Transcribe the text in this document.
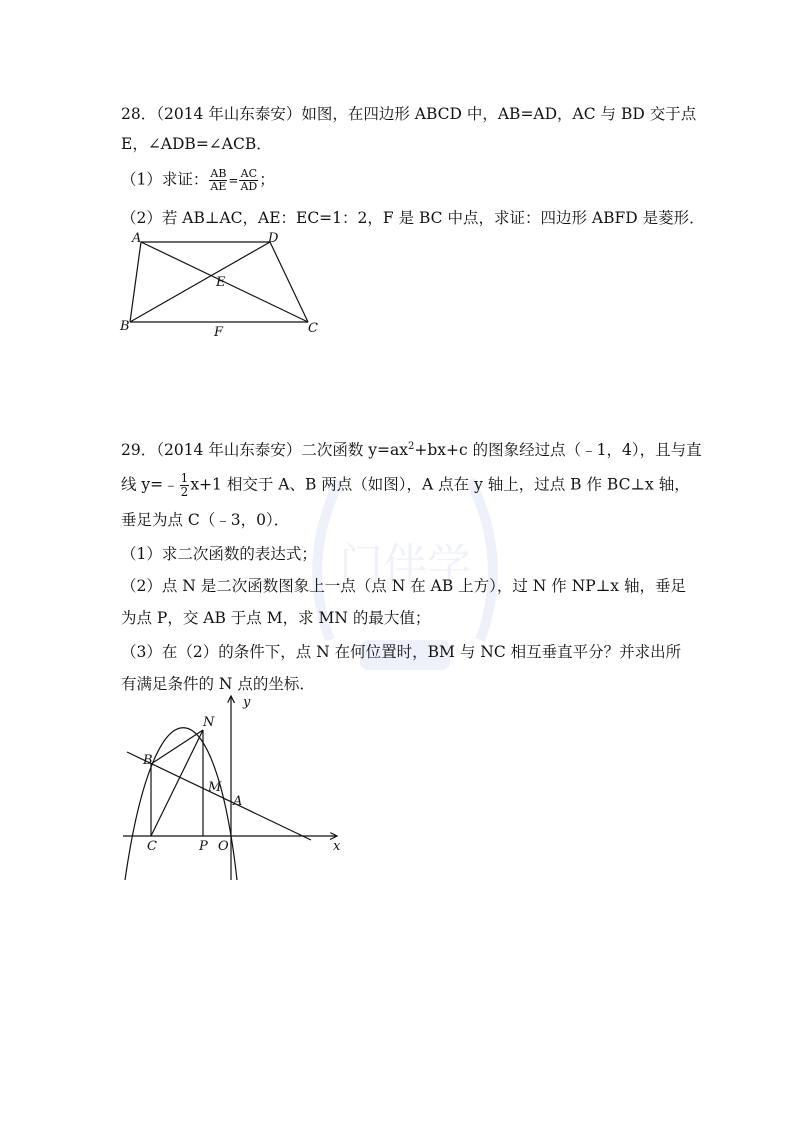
门伴学
28．（2014 年山东泰安）如图，在四边形 ABCD 中，AB=AD，AC 与 BD 交于点
E，∠ADB=∠ACB．
（1）求证： $\frac{AB}{AE} = \frac{AC}{AD}$ ；
（2）若 AB⊥AC，AE：EC=1：2，F 是 BC 中点，求证：四边形 ABFD 是菱形．
A	D
E
B	F	C
29．（2014 年山东泰安）二次函数 $y=ax^2+bx+c$ 的图象经过点（﹣1，4），且与直
线 y=﹣ $\frac{1}{2} x+1$ 相交于 A、B 两点（如图），A 点在 y 轴上，过点 B 作 BC⊥x 轴，
垂足为点 C（﹣3，0）．
（1）求二次函数的表达式；
（2）点 N 是二次函数图象上一点（点 N 在 AB 上方），过 N 作 NP⊥x 轴，垂足
为点 P，交 AB 于点 M，求 MN 的最大值；
（3）在（2）的条件下，点 N 在何位置时，BM 与 NC 相互垂直平分？并求出所
有满足条件的 N 点的坐标．
y
x
N
B
M
A
C	P O
